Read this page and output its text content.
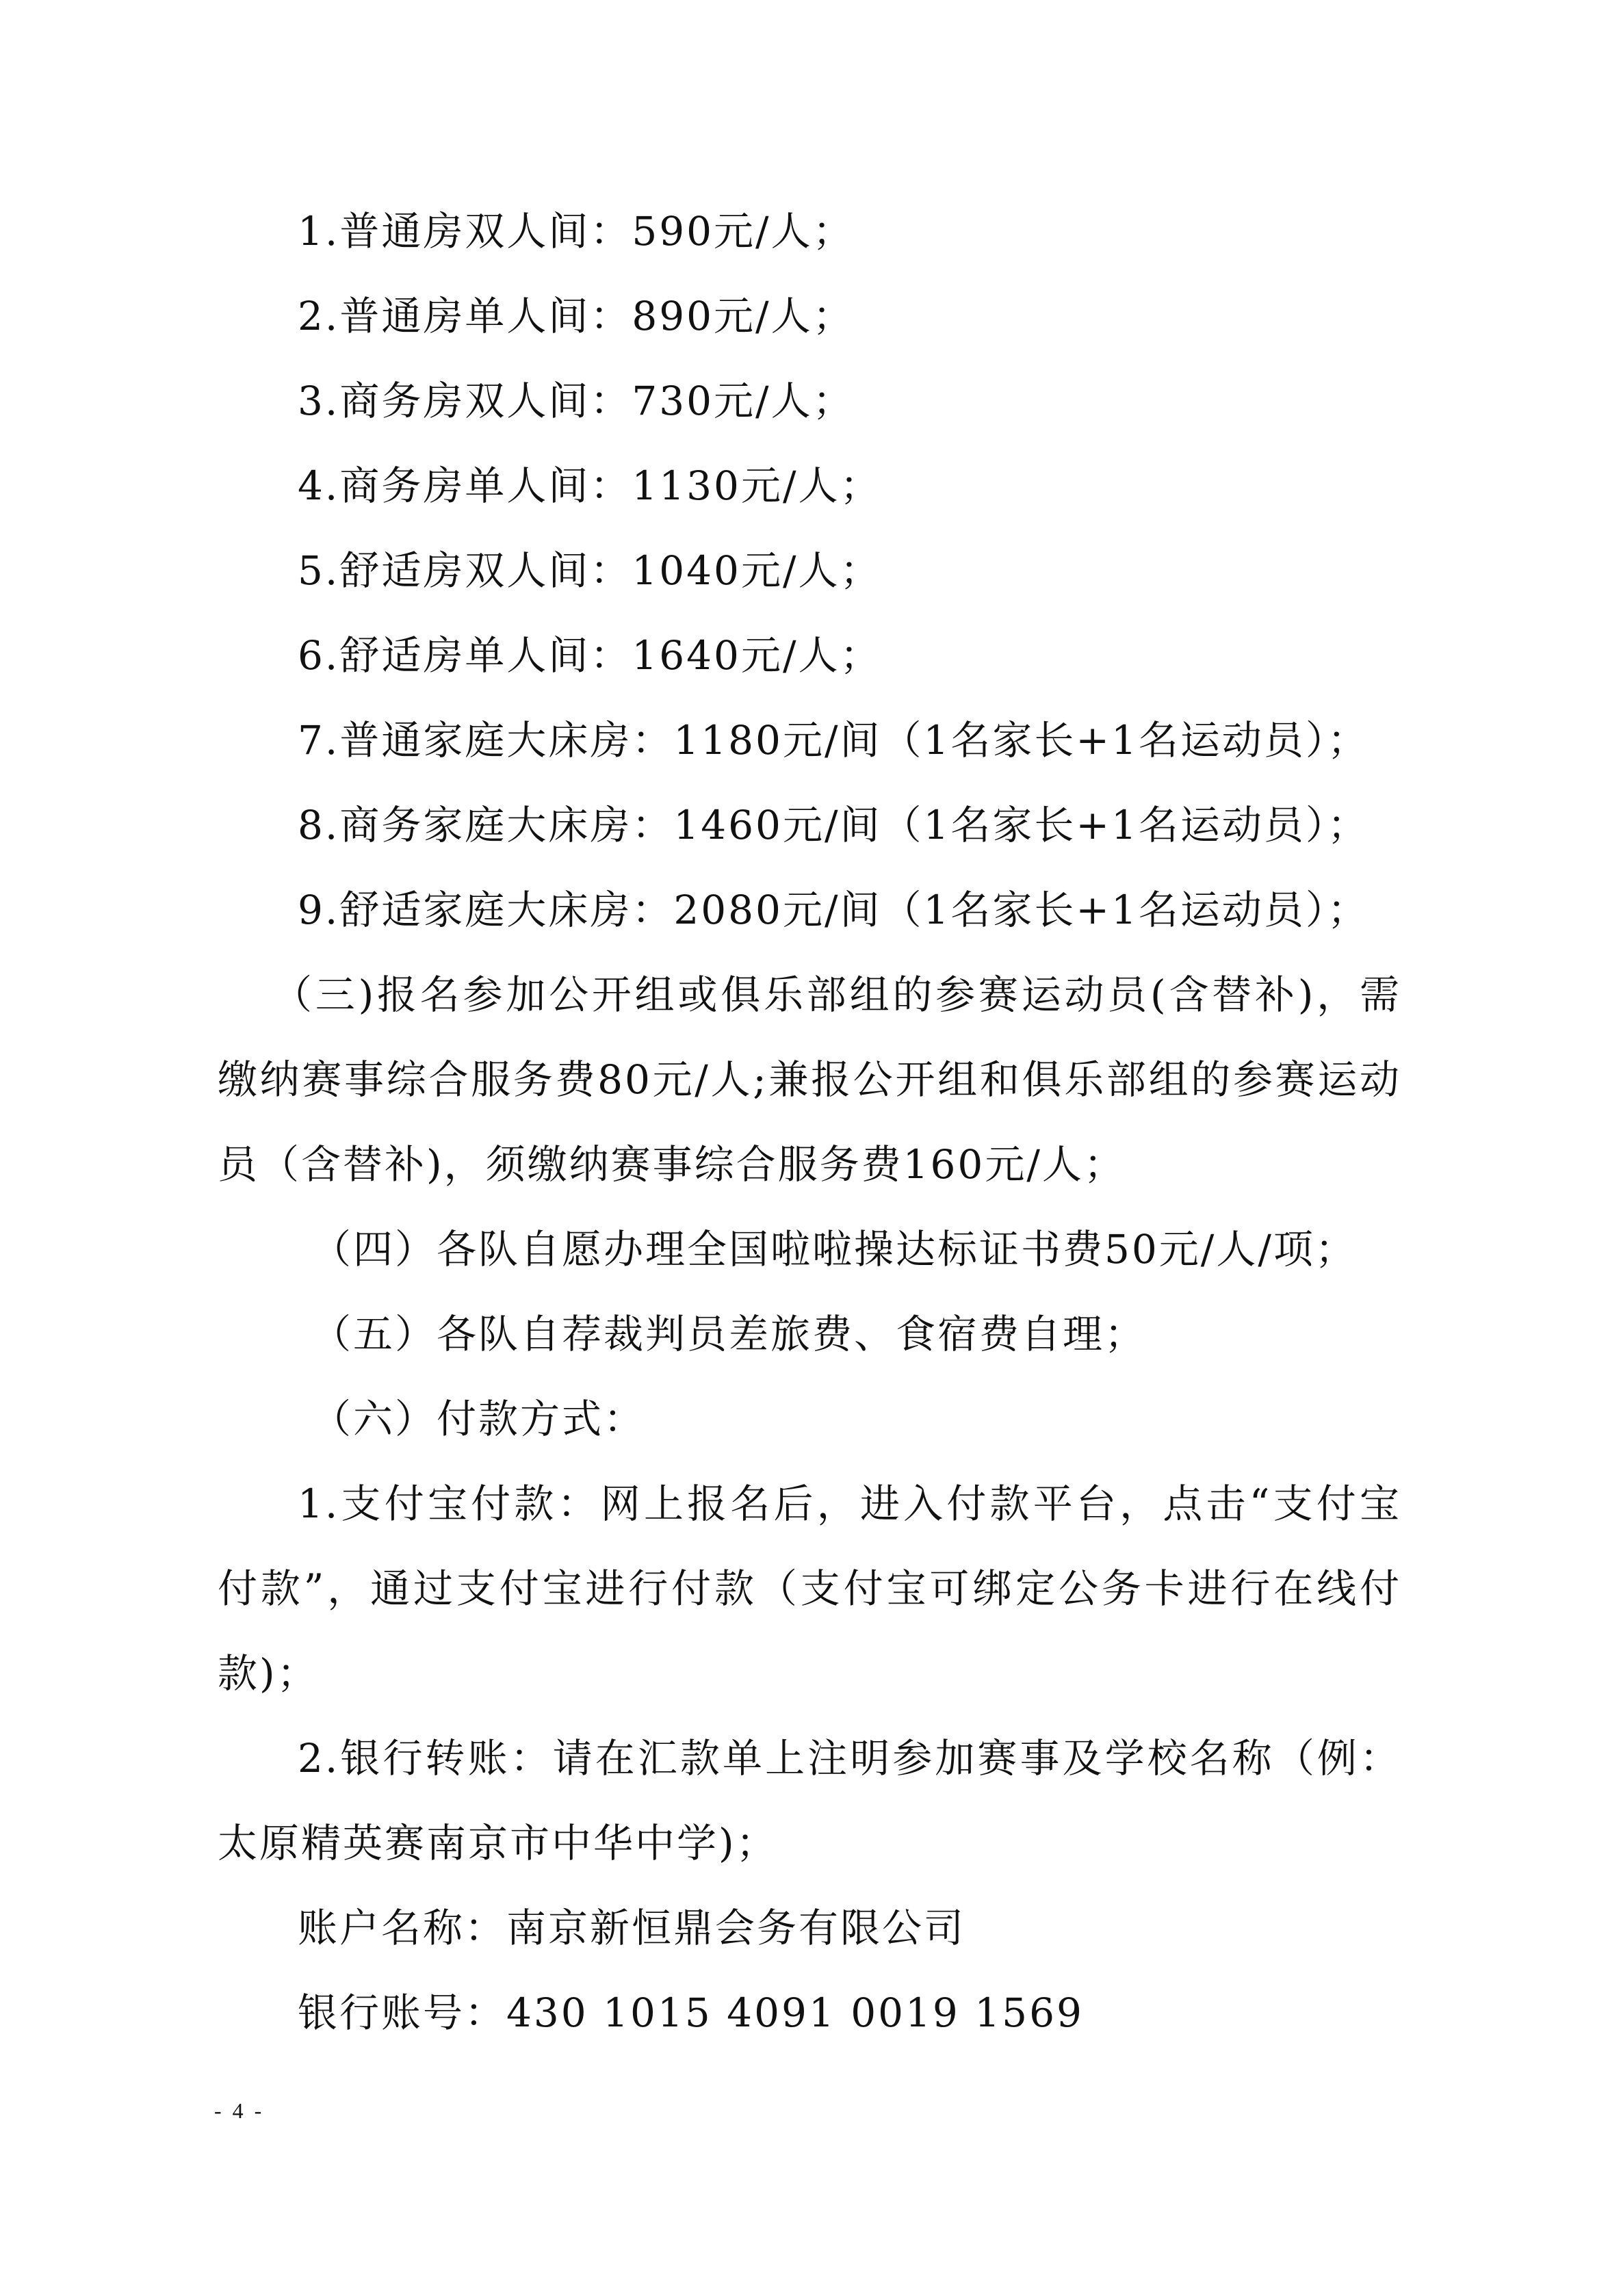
1.普通房双人间：590元/人；
2.普通房单人间：890元/人；
3.商务房双人间：730元/人；
4.商务房单人间：1130元/人；
5.舒适房双人间：1040元/人；
6.舒适房单人间：1640元/人；
7.普通家庭大床房：1180元/间（1名家长+1名运动员）；
8.商务家庭大床房：1460元/间（1名家长+1名运动员）；
9.舒适家庭大床房：2080元/间（1名家长+1名运动员）；
（三)报名参加公开组或俱乐部组的参赛运动员(含替补)，需缴纳赛事综合服务费80元/人;兼报公开组和俱乐部组的参赛运动员（含替补)，须缴纳赛事综合服务费160元/人；
（四）各队自愿办理全国啦啦操达标证书费50元/人/项；
（五）各队自荐裁判员差旅费、食宿费自理；
（六）付款方式：
1.支付宝付款：网上报名后，进入付款平台，点击“支付宝付款”，通过支付宝进行付款（支付宝可绑定公务卡进行在线付款)；
2.银行转账：请在汇款单上注明参加赛事及学校名称（例：太原精英赛南京市中华中学)；
账户名称：南京新恒鼎会务有限公司
银行账号：430 1015 4091 0019 1569
- 4 -
